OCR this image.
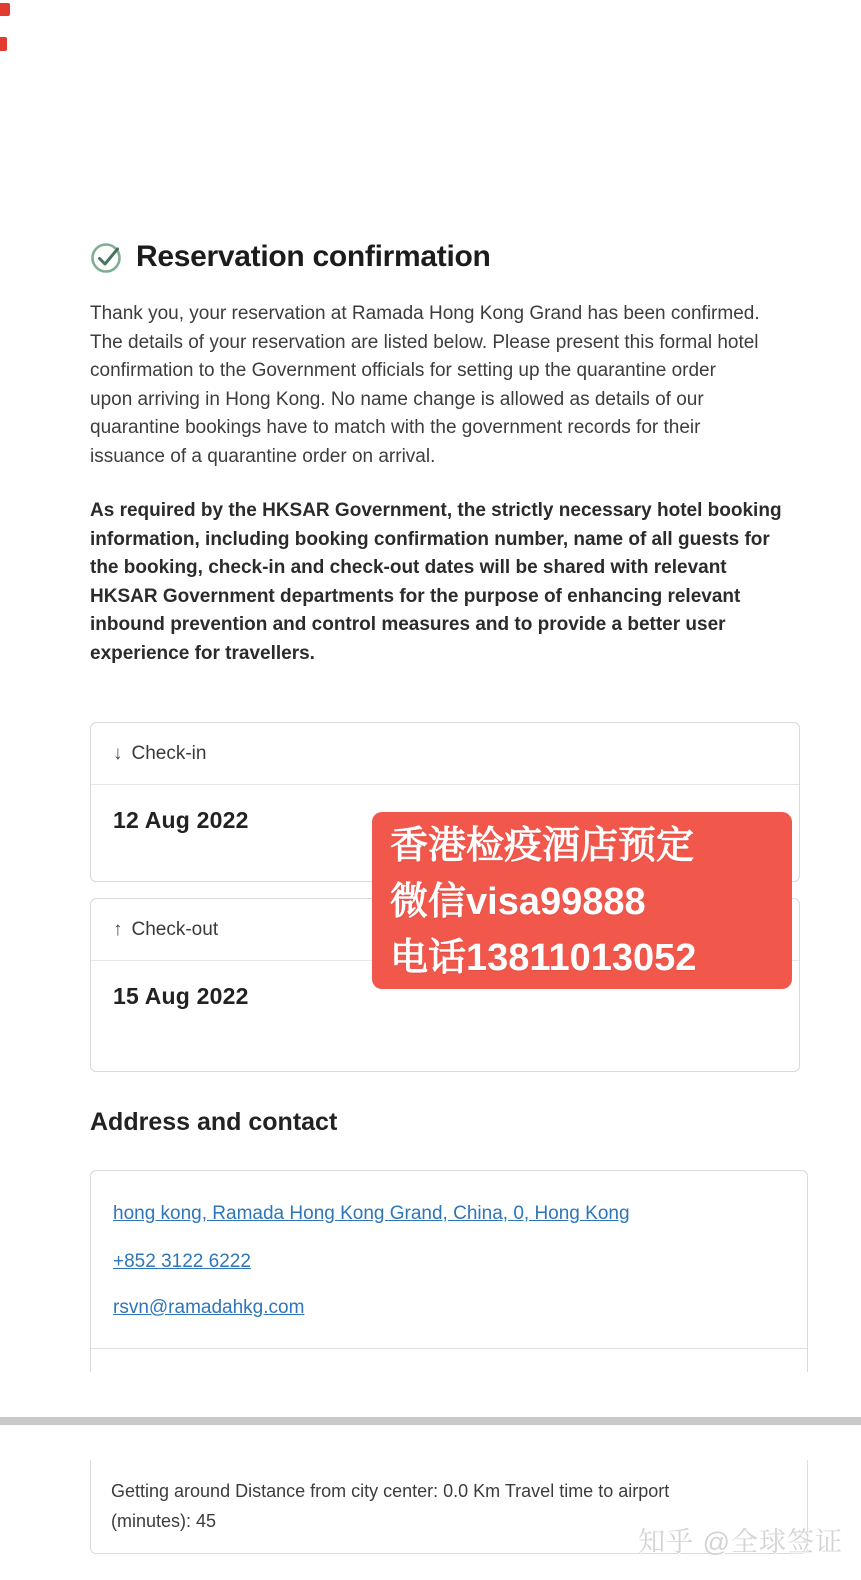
Reservation confirmation

Thank you, your reservation at Ramada Hong Kong Grand has been confirmed. The details of your reservation are listed below. Please present this formal hotel confirmation to the Government officials for setting up the quarantine order upon arriving in Hong Kong. No name change is allowed as details of our quarantine bookings have to match with the government records for their issuance of a quarantine order on arrival.

As required by the HKSAR Government, the strictly necessary hotel booking information, including booking confirmation number, name of all guests for the booking, check-in and check-out dates will be shared with relevant HKSAR Government departments for the purpose of enhancing relevant inbound prevention and control measures and to provide a better user experience for travellers.

↓ Check-in
12 Aug 2022
↑ Check-out
15 Aug 2022
香港检疫酒店预定
微信visa99888
电话13811013052
Address and contact
hong kong, Ramada Hong Kong Grand, China, 0, Hong Kong
+852 3122 6222
rsvn@ramadahkg.com
Getting around Distance from city center: 0.0 Km Travel time to airport (minutes): 45
知乎 @全球签证
